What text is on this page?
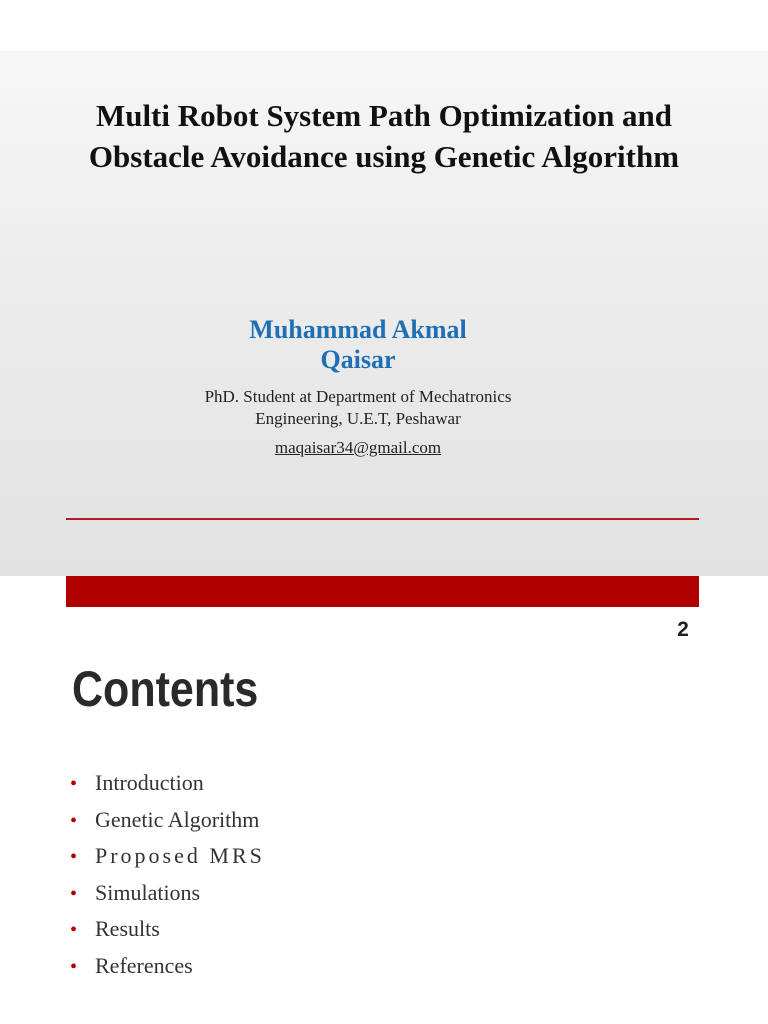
Multi Robot System Path Optimization and
Obstacle Avoidance using Genetic Algorithm
Muhammad Akmal
Qaisar

PhD. Student at Department of Mechatronics
Engineering, U.E.T, Peshawar

maqaisar34@gmail.com
2
Contents
• Introduction
• Genetic Algorithm
• Proposed MRS
• Simulations
• Results
• References
